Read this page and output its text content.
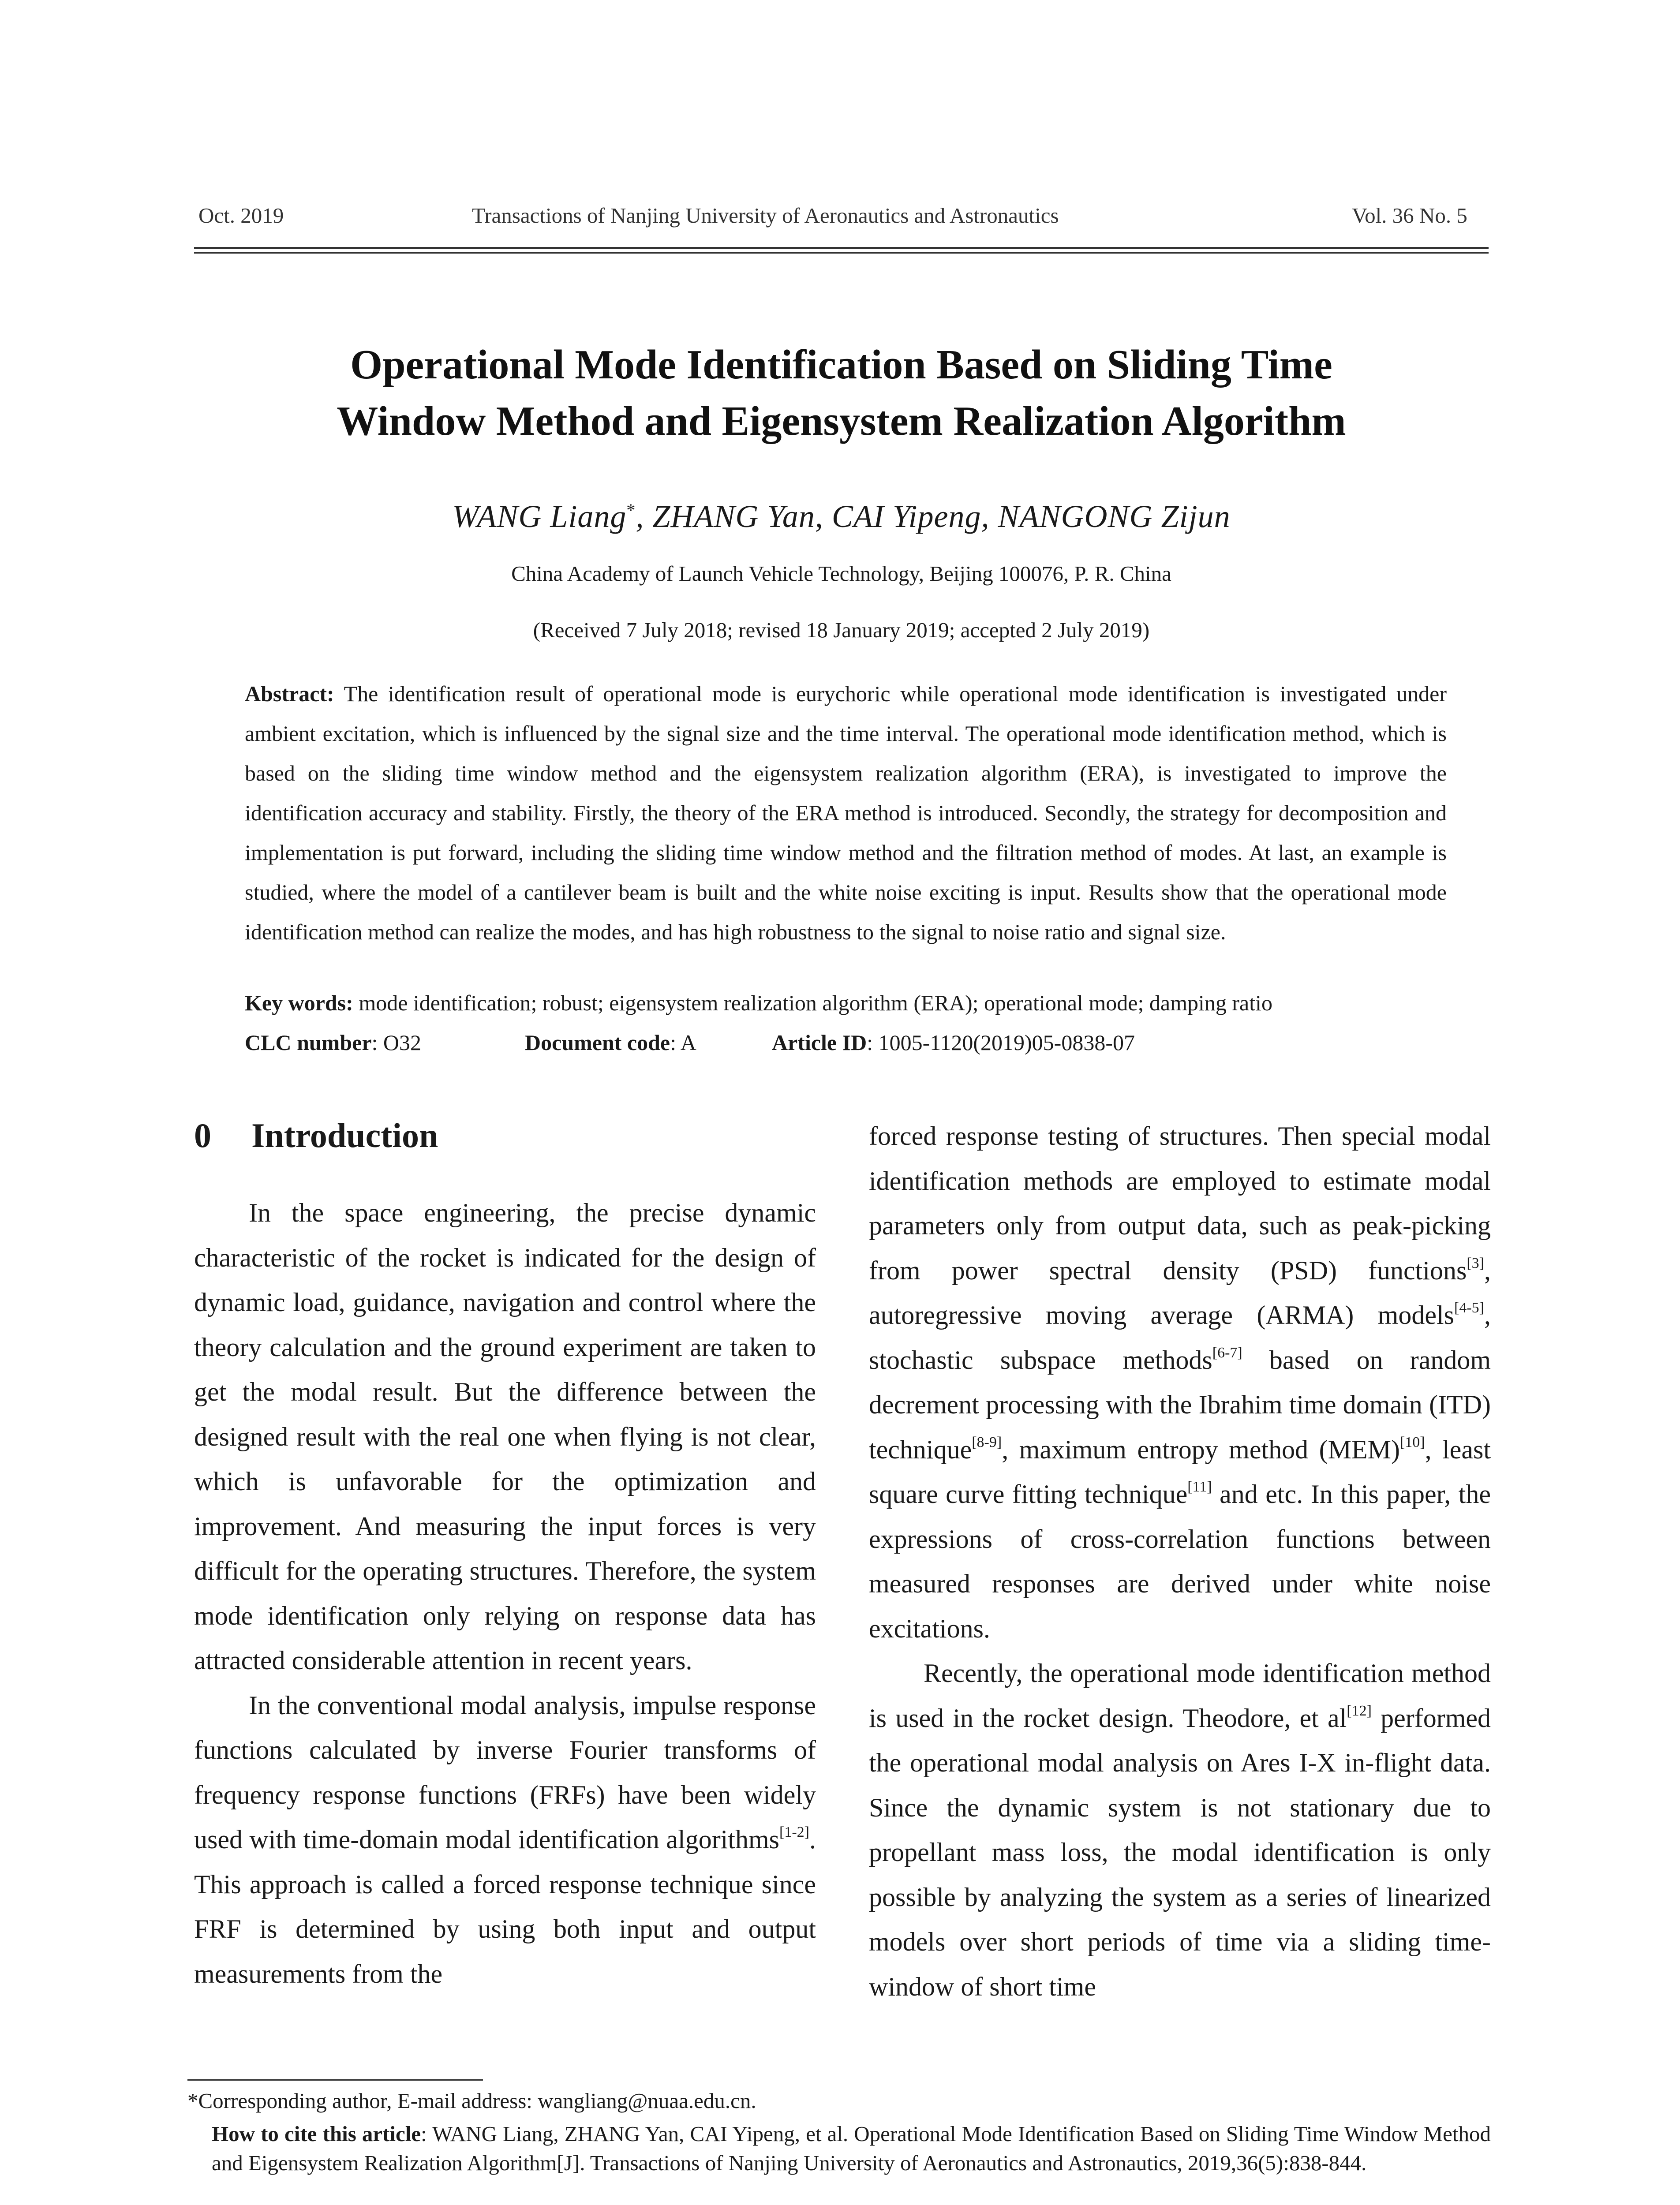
Oct. 2019	Transactions of Nanjing University of Aeronautics and Astronautics	Vol. 36 No. 5
Operational Mode Identification Based on Sliding Time
Window Method and Eigensystem Realization Algorithm
WANG Liang*, ZHANG Yan, CAI Yipeng, NANGONG Zijun
China Academy of Launch Vehicle Technology, Beijing 100076, P. R. China
(Received 7 July 2018; revised 18 January 2019; accepted 2 July 2019)
Abstract: The identification result of operational mode is eurychoric while operational mode identification is investigated under ambient excitation, which is influenced by the signal size and the time interval. The operational mode identification method, which is based on the sliding time window method and the eigensystem realization algorithm (ERA), is investigated to improve the identification accuracy and stability. Firstly, the theory of the ERA method is introduced. Secondly, the strategy for decomposition and implementation is put forward, including the sliding time window method and the filtration method of modes. At last, an example is studied, where the model of a cantilever beam is built and the white noise exciting is input. Results show that the operational mode identification method can realize the modes, and has high robustness to the signal to noise ratio and signal size.
Key words: mode identification; robust; eigensystem realization algorithm (ERA); operational mode; damping ratio
CLC number: O32	Document code: A	Article ID: 1005-1120(2019)05-0838-07
0 Introduction

In the space engineering, the precise dynamic characteristic of the rocket is indicated for the design of dynamic load, guidance, navigation and control where the theory calculation and the ground experiment are taken to get the modal result. But the difference between the designed result with the real one when flying is not clear, which is unfavorable for the optimization and improvement. And measuring the input forces is very difficult for the operating structures. Therefore, the system mode identification only relying on response data has attracted considerable attention in recent years.

In the conventional modal analysis, impulse response functions calculated by inverse Fourier transforms of frequency response functions (FRFs) have been widely used with time-domain modal identification algorithms[1-2]. This approach is called a forced response technique since FRF is determined by using both input and output measurements from the

forced response testing of structures. Then special modal identification methods are employed to estimate modal parameters only from output data, such as peak-picking from power spectral density (PSD) functions[3], autoregressive moving average (ARMA) models[4-5], stochastic subspace methods[6-7] based on random decrement processing with the Ibrahim time domain (ITD) technique[8-9], maximum entropy method (MEM)[10], least square curve fitting technique[11] and etc. In this paper, the expressions of cross-correlation functions between measured responses are derived under white noise excitations.

Recently, the operational mode identification method is used in the rocket design. Theodore, et al[12] performed the operational modal analysis on Ares I-X in-flight data. Since the dynamic system is not stationary due to propellant mass loss, the modal identification is only possible by analyzing the system as a series of linearized models over short periods of time via a sliding time-window of short time

*Corresponding author, E-mail address: wangliang@nuaa.edu.cn.
How to cite this article: WANG Liang, ZHANG Yan, CAI Yipeng, et al. Operational Mode Identification Based on Sliding Time Window Method and Eigensystem Realization Algorithm[J]. Transactions of Nanjing University of Aeronautics and Astronautics, 2019,36(5):838-844.
